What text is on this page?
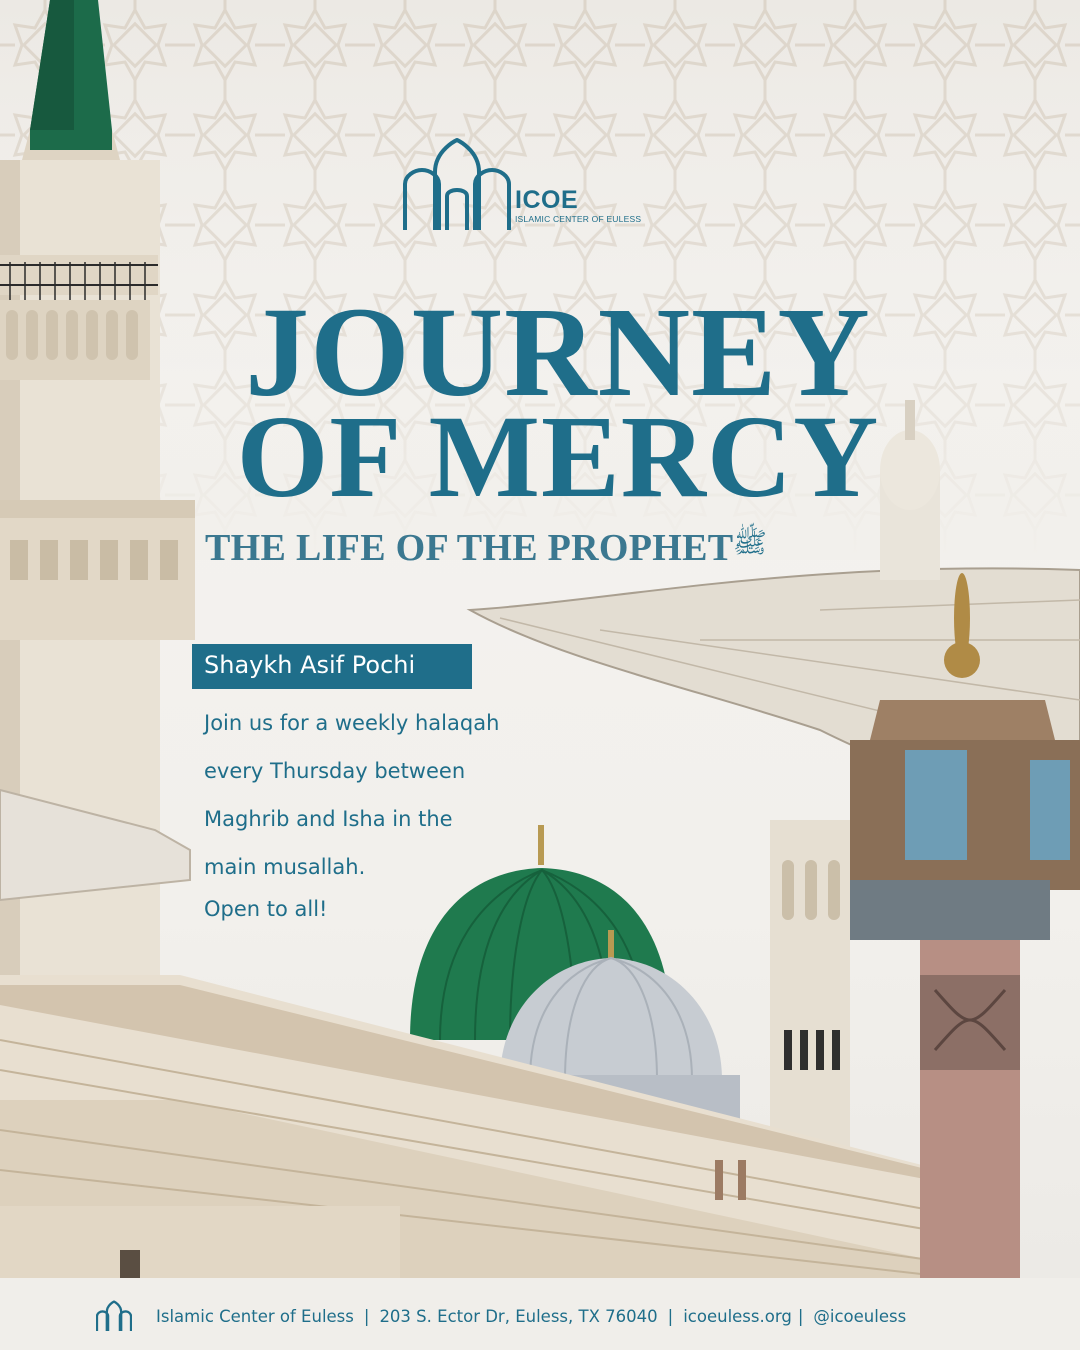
ICOE
ISLAMIC CENTER OF EULESS
JOURNEY
OF MERCY
THE LIFE OF THE PROPHET ﷺ
Shaykh Asif Pochi
Join us for a weekly halaqah
every Thursday between
Maghrib and Isha in the
main musallah.
Open to all!
Islamic Center of Euless | 203 S. Ector Dr, Euless, TX 76040 | icoeuless.org | @icoeuless
